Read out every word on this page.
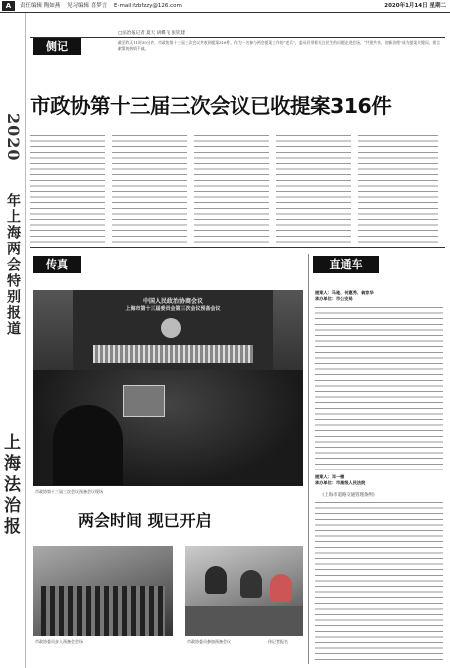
A	责任编辑 陶如燕 见习编辑 喜梦言 E-mail:fzbfzzy@126.com	2020年1月14日 星期二
2020
年上海两会特别报道
上海法治报
侧记
□法治报记者 夏天 胡蝶飞 张钦建
截至昨天11时30分许，市政协第十三届三次会议共收到提案316件。作为一名参与两会提案工作的“老兵”，委员们带着关注民生的问题走进会场，“共建共享，创新治理”成为提案关键词，建言献策的热情不减。
市政协第十三届三次会议已收提案316件
传真
中国人民政治协商会议
上海市第十三届委员会第三次会议预备会议
市政协第十三届三次会议预备会议现场
两会时间 现已开启
市政协委员步入预备会会场	市政协委员参加预备会议	待记者报名
直通车
提案人：马驰、何惠秀、翁家华
承办单位：市公安局
提案人：邓一微
承办单位：市高级人民法院
《上海市道路交通管理条例》
